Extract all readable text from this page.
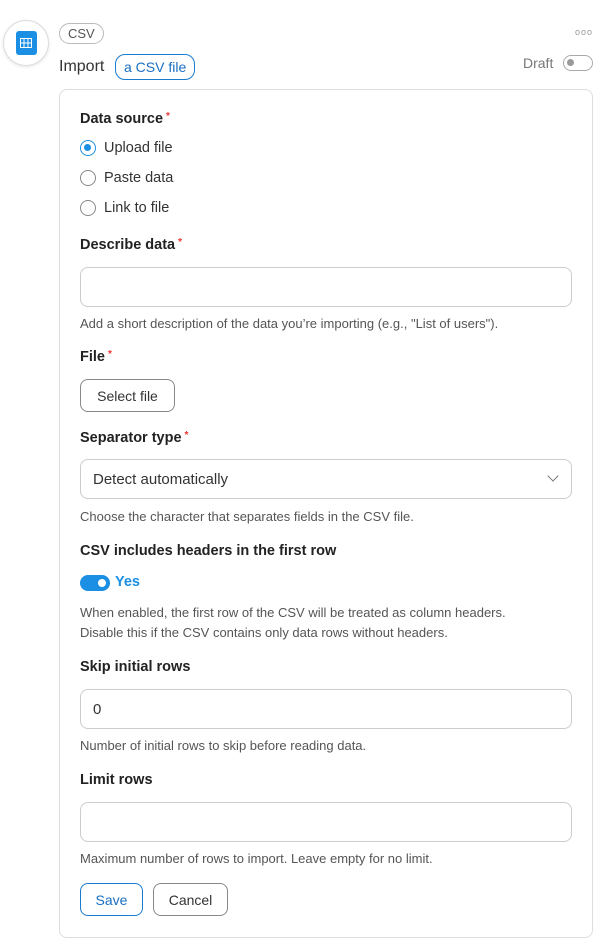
CSV
Import	a CSV file
ooo
Draft
Data source *
Upload file
Paste data
Link to file
Describe data *
Add a short description of the data you’re importing (e.g., "List of users").
File *
Select file
Separator type *
Detect automatically
Choose the character that separates fields in the CSV file.
CSV includes headers in the first row
Yes
When enabled, the first row of the CSV will be treated as column headers.
Disable this if the CSV contains only data rows without headers.
Skip initial rows
0
Number of initial rows to skip before reading data.
Limit rows
Maximum number of rows to import. Leave empty for no limit.
Save	Cancel
